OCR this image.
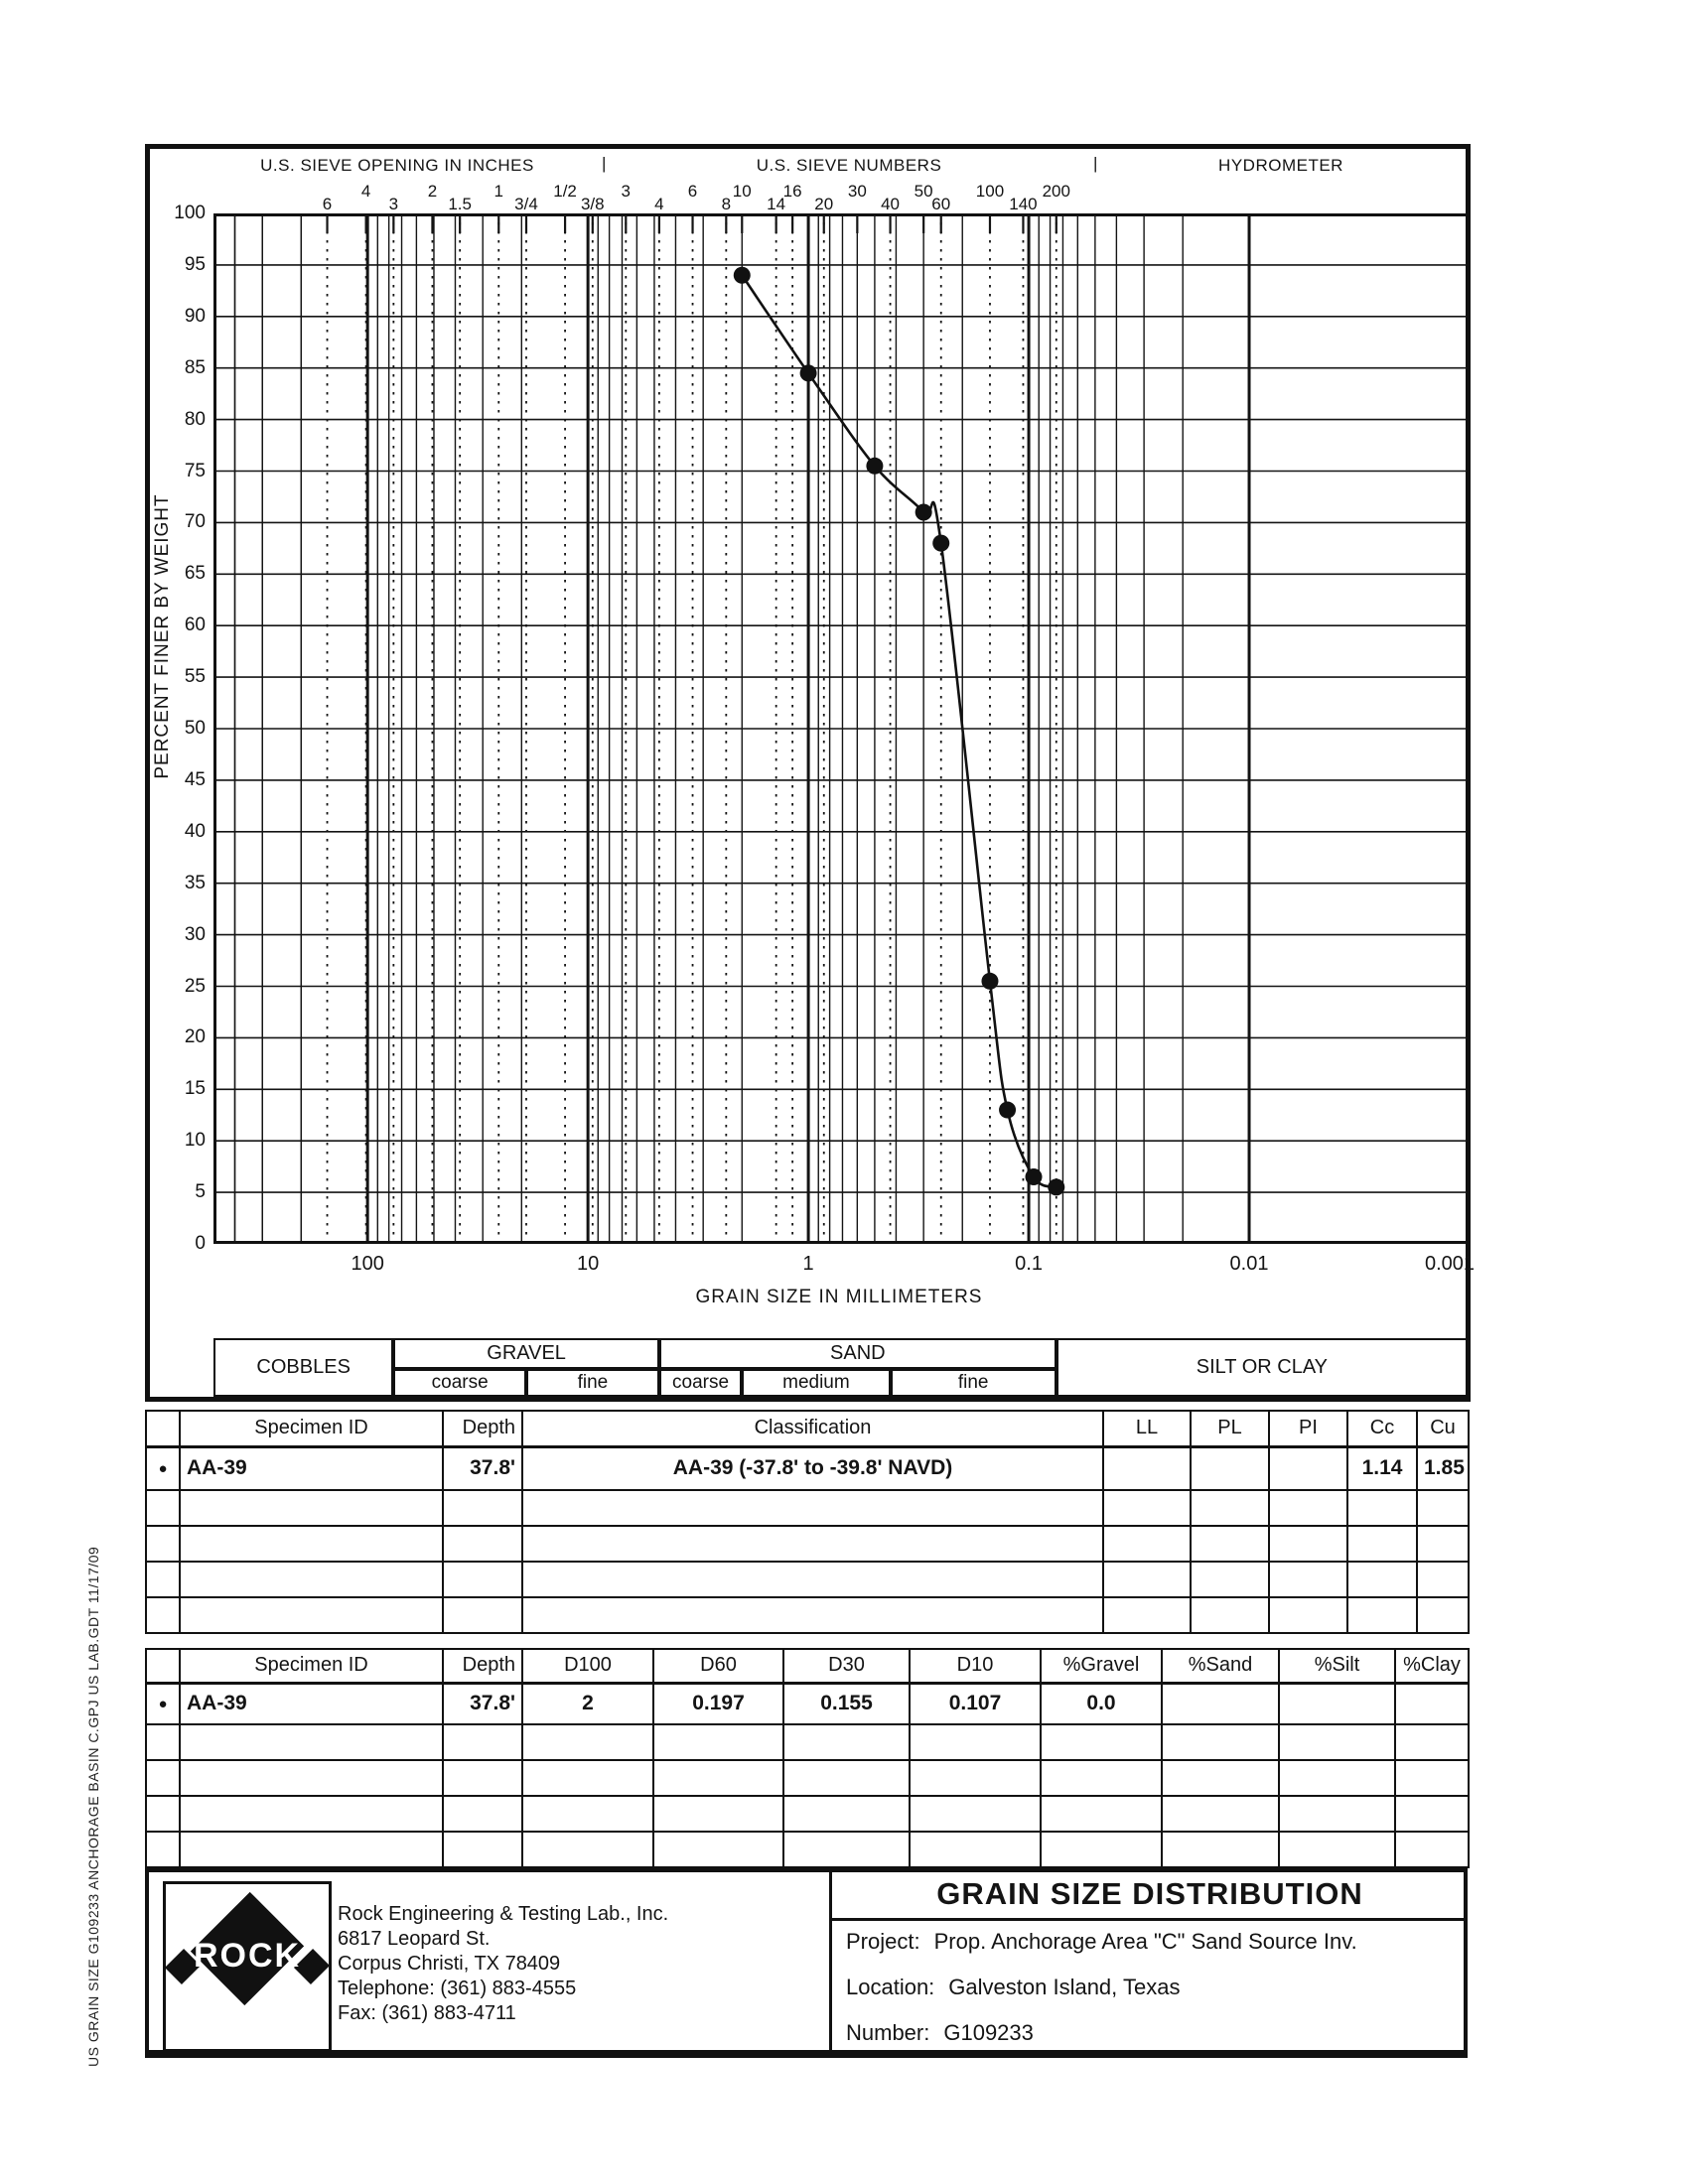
US GRAIN SIZE G109233 ANCHORAGE BASIN C.GPJ US LAB.GDT 11/17/09
U.S. SIEVE OPENING IN INCHES	|	U.S. SIEVE NUMBERS	|	HYDROMETER
6
4
3
2
1.5
1
3/4
1/2
3/8
3
4
6
8
10
14
16
20
30
40
50
60
100
140
200
PERCENT FINER BY WEIGHT
GRAIN SIZE IN MILLIMETERS
100
95
90
85
80
75
70
65
60
55
50
45
40
35
30
25
20
15
10
5
0
100	10	1	0.1	0.01	0.001
COBBLES
GRAVEL
coarse	fine
SAND
coarse	medium	fine
SILT OR CLAY
	Specimen ID	Depth	Classification	LL	PL	PI	Cc	Cu
●	AA-39	37.8'	AA-39 (-37.8' to -39.8' NAVD)				1.14	1.85

	Specimen ID	Depth	D100	D60	D30	D10	%Gravel	%Sand	%Silt	%Clay
●	AA-39	37.8'	2	0.197	0.155	0.107	0.0			

ROCK
Rock Engineering & Testing Lab., Inc.
6817 Leopard St.
Corpus Christi, TX 78409
Telephone: (361) 883-4555
Fax: (361) 883-4711
GRAIN SIZE DISTRIBUTION
Project: Prop. Anchorage Area "C" Sand Source Inv.
Location: Galveston Island, Texas
Number: G109233
